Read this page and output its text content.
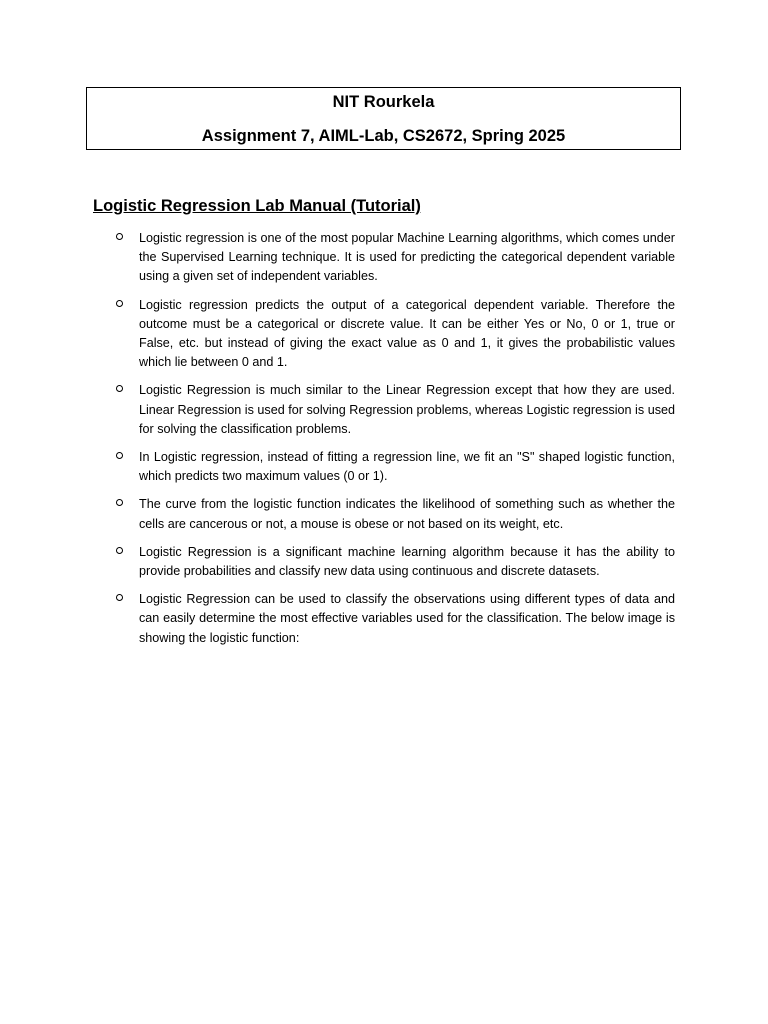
NIT Rourkela
Assignment 7, AIML-Lab, CS2672, Spring 2025
Logistic Regression Lab Manual (Tutorial)
Logistic regression is one of the most popular Machine Learning algorithms, which comes under the Supervised Learning technique. It is used for predicting the categorical dependent variable using a given set of independent variables.
Logistic regression predicts the output of a categorical dependent variable. Therefore the outcome must be a categorical or discrete value. It can be either Yes or No, 0 or 1, true or False, etc. but instead of giving the exact value as 0 and 1, it gives the probabilistic values which lie between 0 and 1.
Logistic Regression is much similar to the Linear Regression except that how they are used. Linear Regression is used for solving Regression problems, whereas Logistic regression is used for solving the classification problems.
In Logistic regression, instead of fitting a regression line, we fit an "S" shaped logistic function, which predicts two maximum values (0 or 1).
The curve from the logistic function indicates the likelihood of something such as whether the cells are cancerous or not, a mouse is obese or not based on its weight, etc.
Logistic Regression is a significant machine learning algorithm because it has the ability to provide probabilities and classify new data using continuous and discrete datasets.
Logistic Regression can be used to classify the observations using different types of data and can easily determine the most effective variables used for the classification. The below image is showing the logistic function:
